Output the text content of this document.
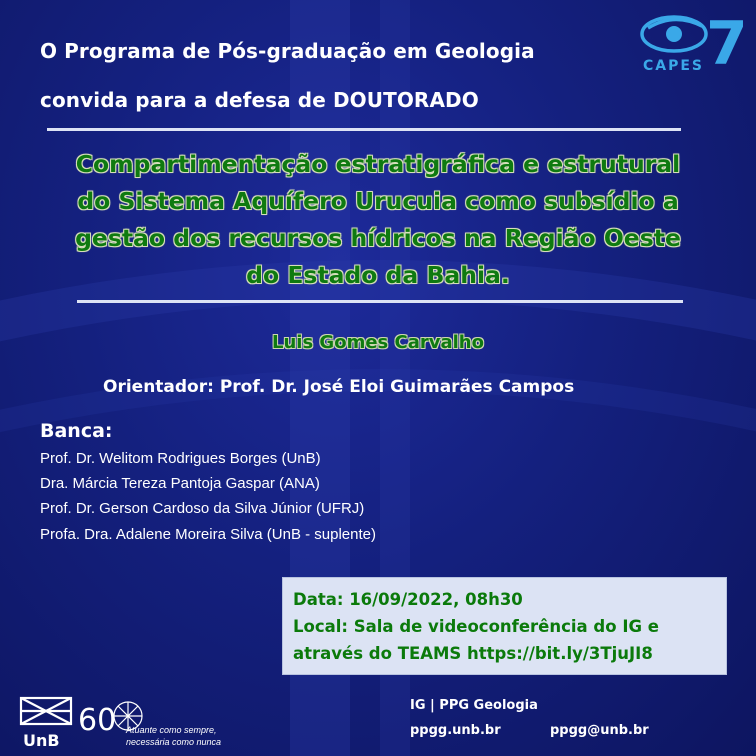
O Programa de Pós-graduação em Geologia
convida para a defesa de DOUTORADO
CAPES 7
Compartimentação estratigráfica e estrutural
do Sistema Aquífero Urucuia como subsídio a
gestão dos recursos hídricos na Região Oeste
do Estado da Bahia.
Luis Gomes Carvalho
Orientador: Prof. Dr. José Eloi Guimarães Campos
Banca:
Prof. Dr. Welitom Rodrigues Borges (UnB)
Dra. Márcia Tereza Pantoja Gaspar (ANA)
Prof. Dr. Gerson Cardoso da Silva Júnior (UFRJ)
Profa. Dra. Adalene Moreira Silva (UnB - suplente)
Data: 16/09/2022, 08h30
Local: Sala de videoconferência do IG e
através do TEAMS https://bit.ly/3TjuJI8
UnB
60 Atuante como sempre,
necessária como nunca
IG | PPG Geologia
ppgg.unb.br	ppgg@unb.br
